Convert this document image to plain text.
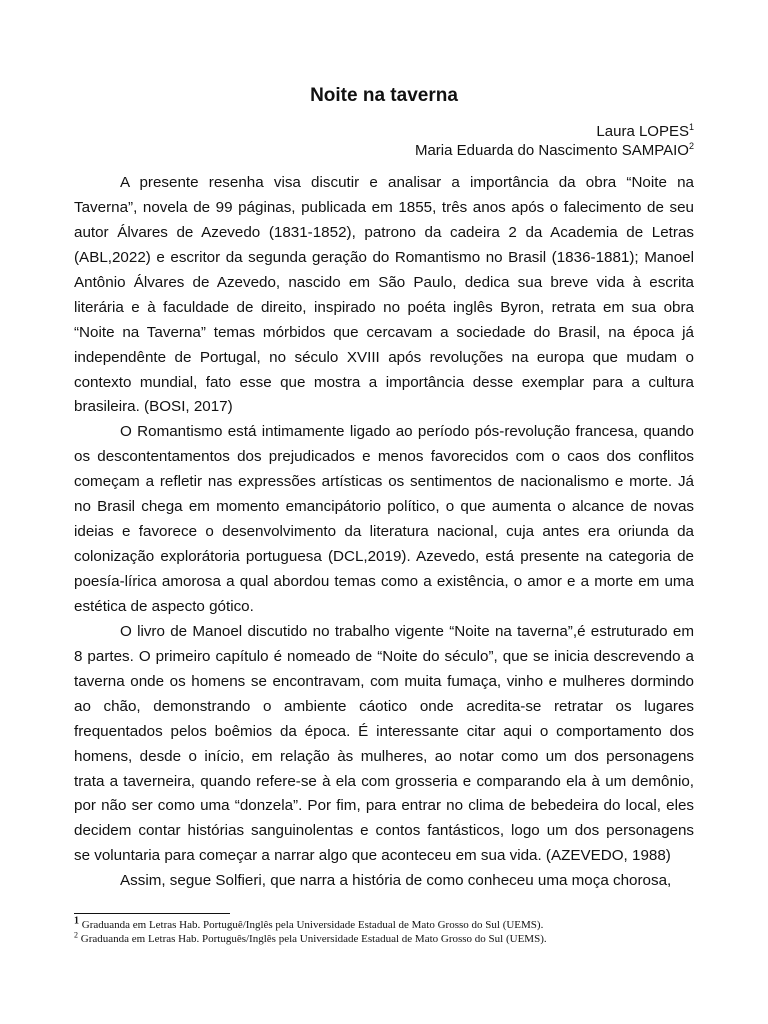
Noite na taverna
Laura LOPES$^1$
Maria Eduarda do Nascimento SAMPAIO$^2$
A presente resenha visa discutir e analisar a importância da obra “Noite na
Taverna”, novela de 99 páginas, publicada em 1855, três anos após o falecimento de seu
autor Álvares de Azevedo (1831-1852), patrono da cadeira 2 da Academia de Letras
(ABL,2022) e escritor da segunda geração do Romantismo no Brasil (1836-1881); Manoel
Antônio Álvares de Azevedo, nascido em São Paulo, dedica sua breve vida à escrita
literária e à faculdade de direito, inspirado no poéta inglês Byron, retrata em sua obra
“Noite na Taverna” temas mórbidos que cercavam a sociedade do Brasil, na época já
independênte de Portugal, no século XVIII após revoluções na europa que mudam o
contexto mundial, fato esse que mostra a importância desse exemplar para a cultura
brasileira. (BOSI, 2017)
O Romantismo está intimamente ligado ao período pós-revolução francesa, quando
os descontentamentos dos prejudicados e menos favorecidos com o caos dos conflitos
começam a refletir nas expressões artísticas os sentimentos de nacionalismo e morte. Já
no Brasil chega em momento emancipátorio político, o que aumenta o alcance de novas
ideias e favorece o desenvolvimento da literatura nacional, cuja antes era oriunda da
colonização explorátoria portuguesa (DCL,2019). Azevedo, está presente na categoria de
poesía-lírica amorosa a qual abordou temas como a existência, o amor e a morte em uma
estética de aspecto gótico.
O livro de Manoel discutido no trabalho vigente “Noite na taverna”,é estruturado em
8 partes. O primeiro capítulo é nomeado de “Noite do século”, que se inicia descrevendo a
taverna onde os homens se encontravam, com muita fumaça, vinho e mulheres dormindo
ao chão, demonstrando o ambiente cáotico onde acredita-se retratar os lugares
frequentados pelos boêmios da época. É interessante citar aqui o comportamento dos
homens, desde o início, em relação às mulheres, ao notar como um dos personagens
trata a taverneira, quando refere-se à ela com grosseria e comparando ela à um demônio,
por não ser como uma “donzela”. Por fim, para entrar no clima de bebedeira do local, eles
decidem contar histórias sanguinolentas e contos fantásticos, logo um dos personagens
se voluntaria para começar a narrar algo que aconteceu em sua vida. (AZEVEDO, 1988)
Assim, segue Solfieri, que narra a história de como conheceu uma moça chorosa,
$^1$ Graduanda em Letras Hab. Portuguê/Inglês pela Universidade Estadual de Mato Grosso do Sul (UEMS).
$^2$ Graduanda em Letras Hab. Português/Inglês pela Universidade Estadual de Mato Grosso do Sul (UEMS).
